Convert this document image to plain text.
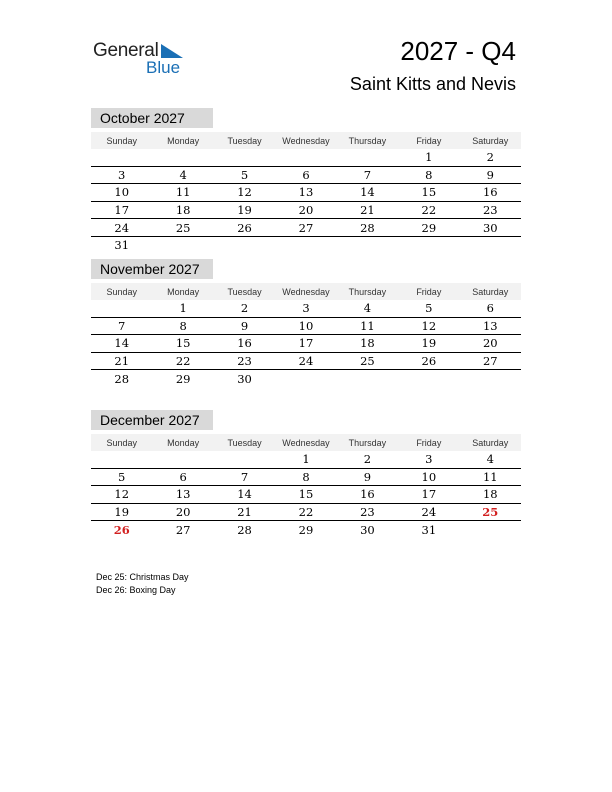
General
Blue
2027 - Q4
Saint Kitts and Nevis
October 2027
Sunday	Monday	Tuesday	Wednesday	Thursday	Friday	Saturday
					1	2
3	4	5	6	7	8	9
10	11	12	13	14	15	16
17	18	19	20	21	22	23
24	25	26	27	28	29	30
31						
November 2027
Sunday	Monday	Tuesday	Wednesday	Thursday	Friday	Saturday
	1	2	3	4	5	6
7	8	9	10	11	12	13
14	15	16	17	18	19	20
21	22	23	24	25	26	27
28	29	30				
December 2027
Sunday	Monday	Tuesday	Wednesday	Thursday	Friday	Saturday
			1	2	3	4
5	6	7	8	9	10	11
12	13	14	15	16	17	18
19	20	21	22	23	24	25
26	27	28	29	30	31	
Dec 25: Christmas Day
Dec 26: Boxing Day
